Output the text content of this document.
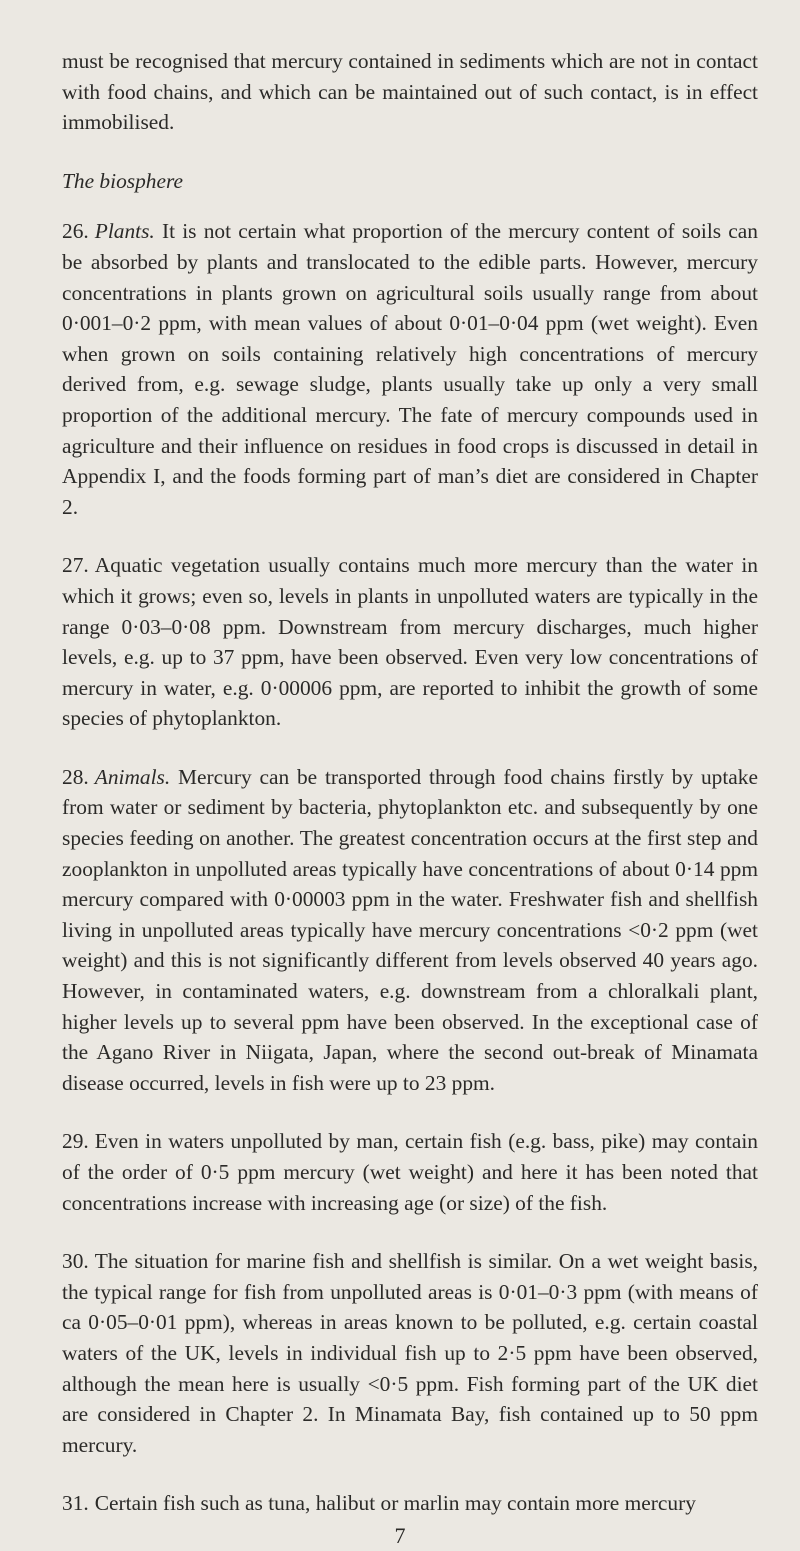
must be recognised that mercury contained in sediments which are not in contact with food chains, and which can be maintained out of such contact, is in effect immobilised.

The biosphere

26. Plants. It is not certain what proportion of the mercury content of soils can be absorbed by plants and translocated to the edible parts. However, mercury concentrations in plants grown on agricultural soils usually range from about 0·001–0·2 ppm, with mean values of about 0·01–0·04 ppm (wet weight). Even when grown on soils containing relatively high concentrations of mercury derived from, e.g. sewage sludge, plants usually take up only a very small proportion of the additional mercury. The fate of mercury compounds used in agriculture and their influence on residues in food crops is discussed in detail in Appendix I, and the foods forming part of man’s diet are considered in Chapter 2.

27. Aquatic vegetation usually contains much more mercury than the water in which it grows; even so, levels in plants in unpolluted waters are typically in the range 0·03–0·08 ppm. Downstream from mercury discharges, much higher levels, e.g. up to 37 ppm, have been observed. Even very low concentrations of mercury in water, e.g. 0·00006 ppm, are reported to inhibit the growth of some species of phytoplankton.

28. Animals. Mercury can be transported through food chains firstly by uptake from water or sediment by bacteria, phytoplankton etc. and subsequently by one species feeding on another. The greatest concentration occurs at the first step and zooplankton in unpolluted areas typically have concentrations of about 0·14 ppm mercury compared with 0·00003 ppm in the water. Freshwater fish and shellfish living in unpolluted areas typically have mercury concentrations <0·2 ppm (wet weight) and this is not significantly different from levels observed 40 years ago. However, in contaminated waters, e.g. downstream from a chloralkali plant, higher levels up to several ppm have been observed. In the exceptional case of the Agano River in Niigata, Japan, where the second out-break of Minamata disease occurred, levels in fish were up to 23 ppm.

29. Even in waters unpolluted by man, certain fish (e.g. bass, pike) may contain of the order of 0·5 ppm mercury (wet weight) and here it has been noted that concentrations increase with increasing age (or size) of the fish.

30. The situation for marine fish and shellfish is similar. On a wet weight basis, the typical range for fish from unpolluted areas is 0·01–0·3 ppm (with means of ca 0·05–0·01 ppm), whereas in areas known to be polluted, e.g. certain coastal waters of the UK, levels in individual fish up to 2·5 ppm have been observed, although the mean here is usually <0·5 ppm. Fish forming part of the UK diet are considered in Chapter 2. In Minamata Bay, fish contained up to 50 ppm mercury.

31. Certain fish such as tuna, halibut or marlin may contain more mercury

7
